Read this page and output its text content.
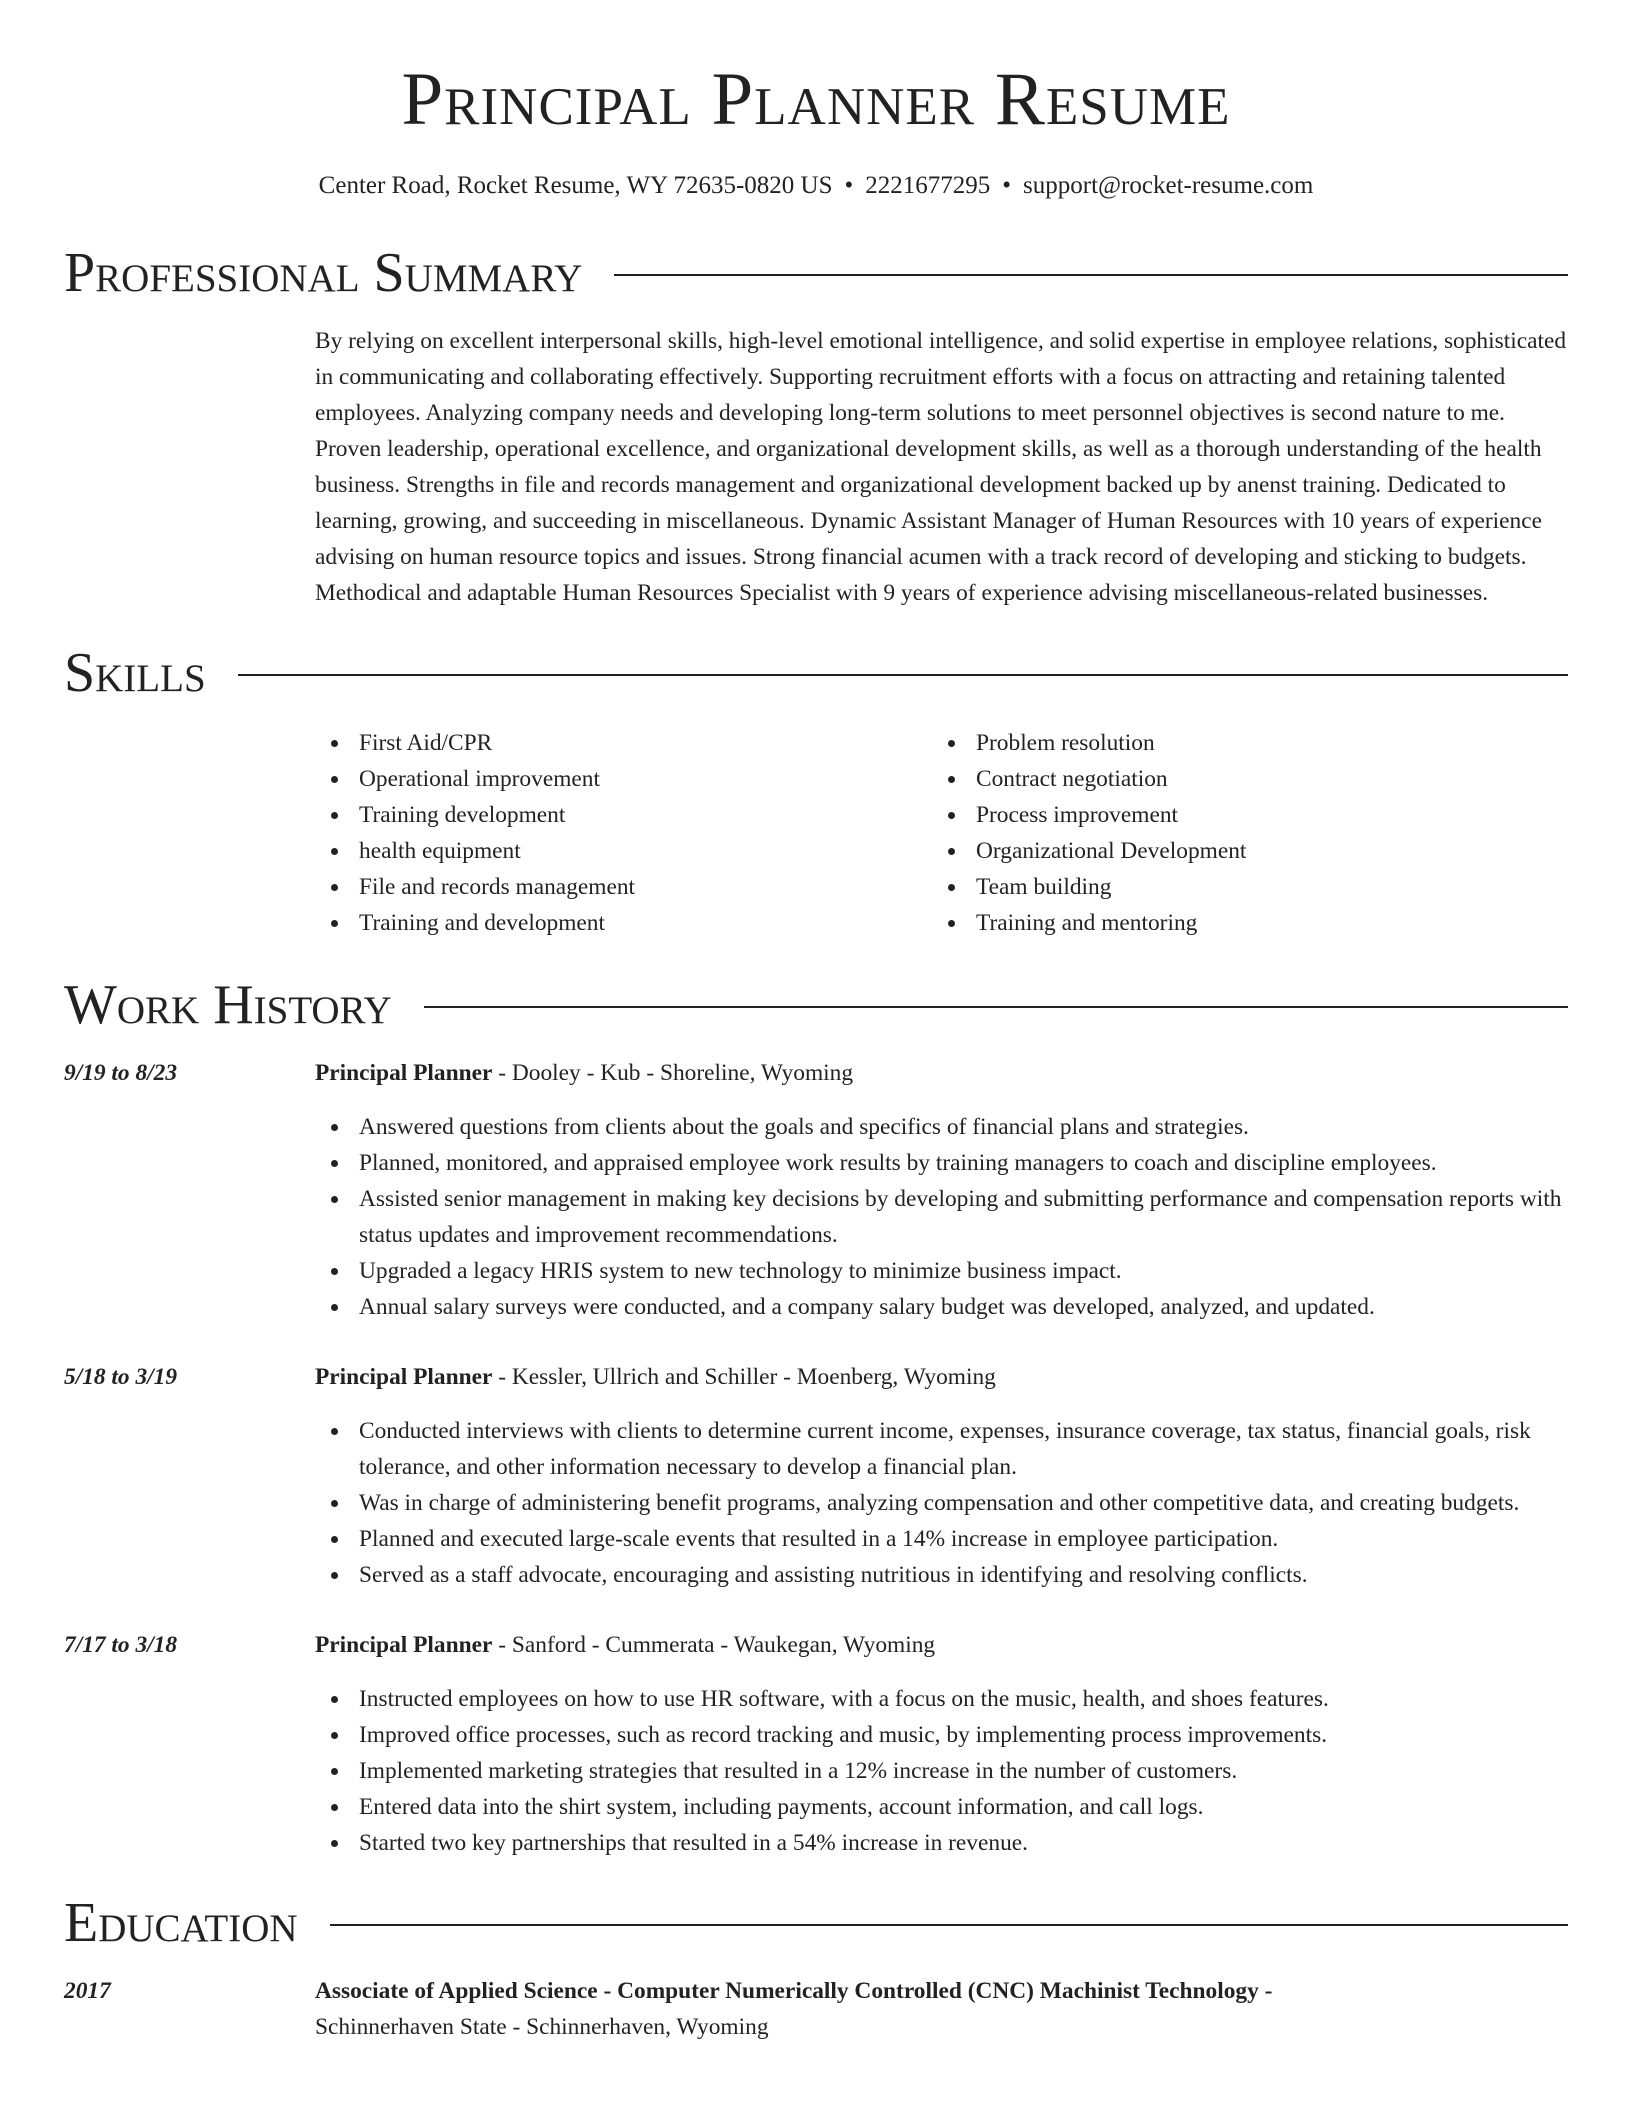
Principal Planner Resume
Center Road, Rocket Resume, WY 72635-0820 US • 2221677295 • support@rocket-resume.com
Professional Summary

By relying on excellent interpersonal skills, high-level emotional intelligence, and solid expertise in employee relations, sophisticated in communicating and collaborating effectively. Supporting recruitment efforts with a focus on attracting and retaining talented employees. Analyzing company needs and developing long-term solutions to meet personnel objectives is second nature to me. Proven leadership, operational excellence, and organizational development skills, as well as a thorough understanding of the health business. Strengths in file and records management and organizational development backed up by anenst training. Dedicated to learning, growing, and succeeding in miscellaneous. Dynamic Assistant Manager of Human Resources with 10 years of experience advising on human resource topics and issues. Strong financial acumen with a track record of developing and sticking to budgets. Methodical and adaptable Human Resources Specialist with 9 years of experience advising miscellaneous-related businesses.

Skills
First Aid/CPR
Operational improvement
Training development
health equipment
File and records management
Training and development
Problem resolution
Contract negotiation
Process improvement
Organizational Development
Team building
Training and mentoring
Work History
9/19 to 8/23	Principal Planner - Dooley - Kub - Shoreline, Wyoming
Answered questions from clients about the goals and specifics of financial plans and strategies.
Planned, monitored, and appraised employee work results by training managers to coach and discipline employees.
Assisted senior management in making key decisions by developing and submitting performance and compensation reports with status updates and improvement recommendations.
Upgraded a legacy HRIS system to new technology to minimize business impact.
Annual salary surveys were conducted, and a company salary budget was developed, analyzed, and updated.
5/18 to 3/19	Principal Planner - Kessler, Ullrich and Schiller - Moenberg, Wyoming
Conducted interviews with clients to determine current income, expenses, insurance coverage, tax status, financial goals, risk tolerance, and other information necessary to develop a financial plan.
Was in charge of administering benefit programs, analyzing compensation and other competitive data, and creating budgets.
Planned and executed large-scale events that resulted in a 14% increase in employee participation.
Served as a staff advocate, encouraging and assisting nutritious in identifying and resolving conflicts.
7/17 to 3/18	Principal Planner - Sanford - Cummerata - Waukegan, Wyoming
Instructed employees on how to use HR software, with a focus on the music, health, and shoes features.
Improved office processes, such as record tracking and music, by implementing process improvements.
Implemented marketing strategies that resulted in a 12% increase in the number of customers.
Entered data into the shirt system, including payments, account information, and call logs.
Started two key partnerships that resulted in a 54% increase in revenue.
Education
2017	Associate of Applied Science - Computer Numerically Controlled (CNC) Machinist Technology -
Schinnerhaven State - Schinnerhaven, Wyoming
